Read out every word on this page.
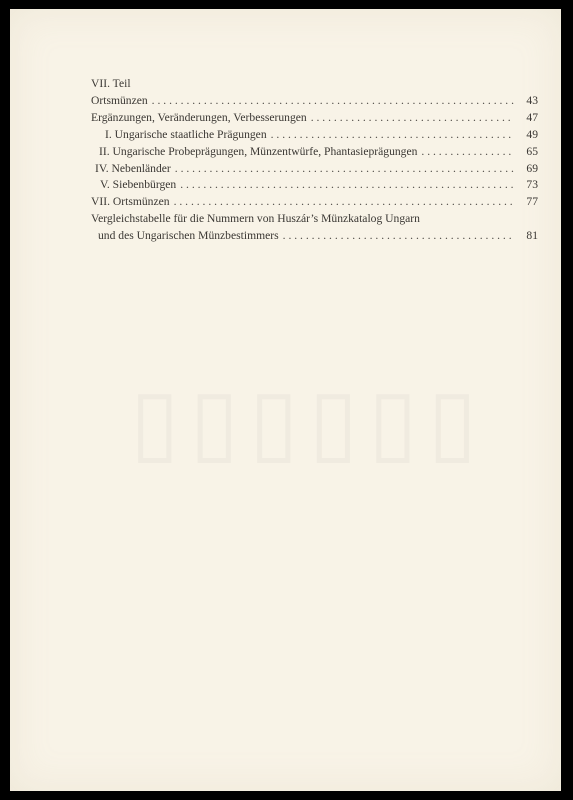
▯▯▯▯▯▯
VII. Teil
Ortsmünzen . . .	43
Ergänzungen, Veränderungen, Verbesserungen . . .	47
I. Ungarische staatliche Prägungen . . .	49
II. Ungarische Probeprägungen, Münzentwürfe, Phantasieprägungen . . .	65
IV. Nebenländer . . .	69
V. Siebenbürgen . . .	73
VII. Ortsmünzen . . .	77
Vergleichstabelle für die Nummern von Huszár’s Münzkatalog Ungarn
und des Ungarischen Münzbestimmers . . .	81
